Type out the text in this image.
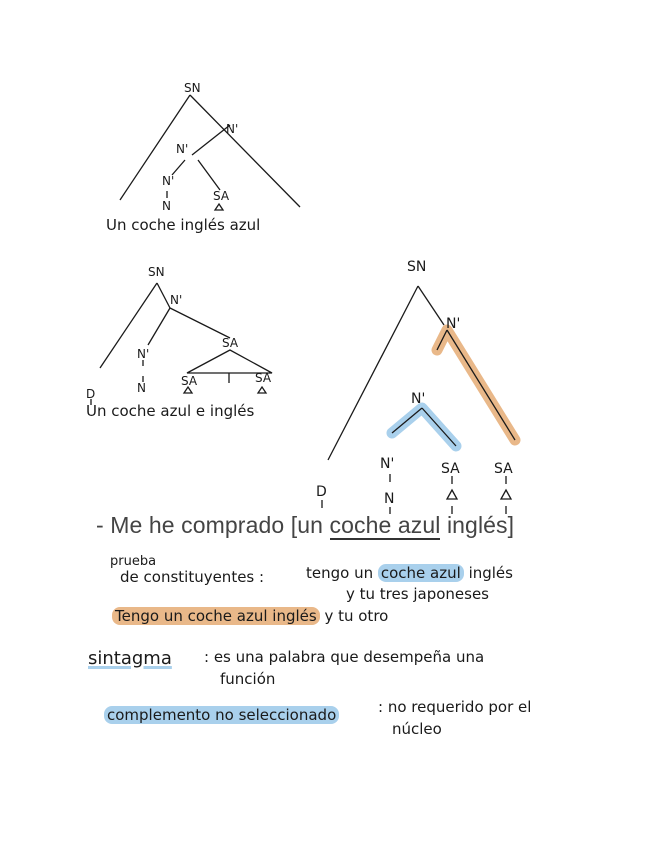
SN
N'
N'
N'
N
SA
Un coche inglés azul
SN
N'
N'
SA
N
D
SA	SA
Un coche azul e inglés
SN
N'
N'
N'	SA SA
D	N
- Me he comprado [un coche azul inglés]
prueba
de constituyentes :	tengo un coche azul inglés
y tu tres japoneses
Tengo un coche azul inglés y tu otro
sintagma : es una palabra que desempeña una
función
complemento no seleccionado	: no requerido por el
núcleo
